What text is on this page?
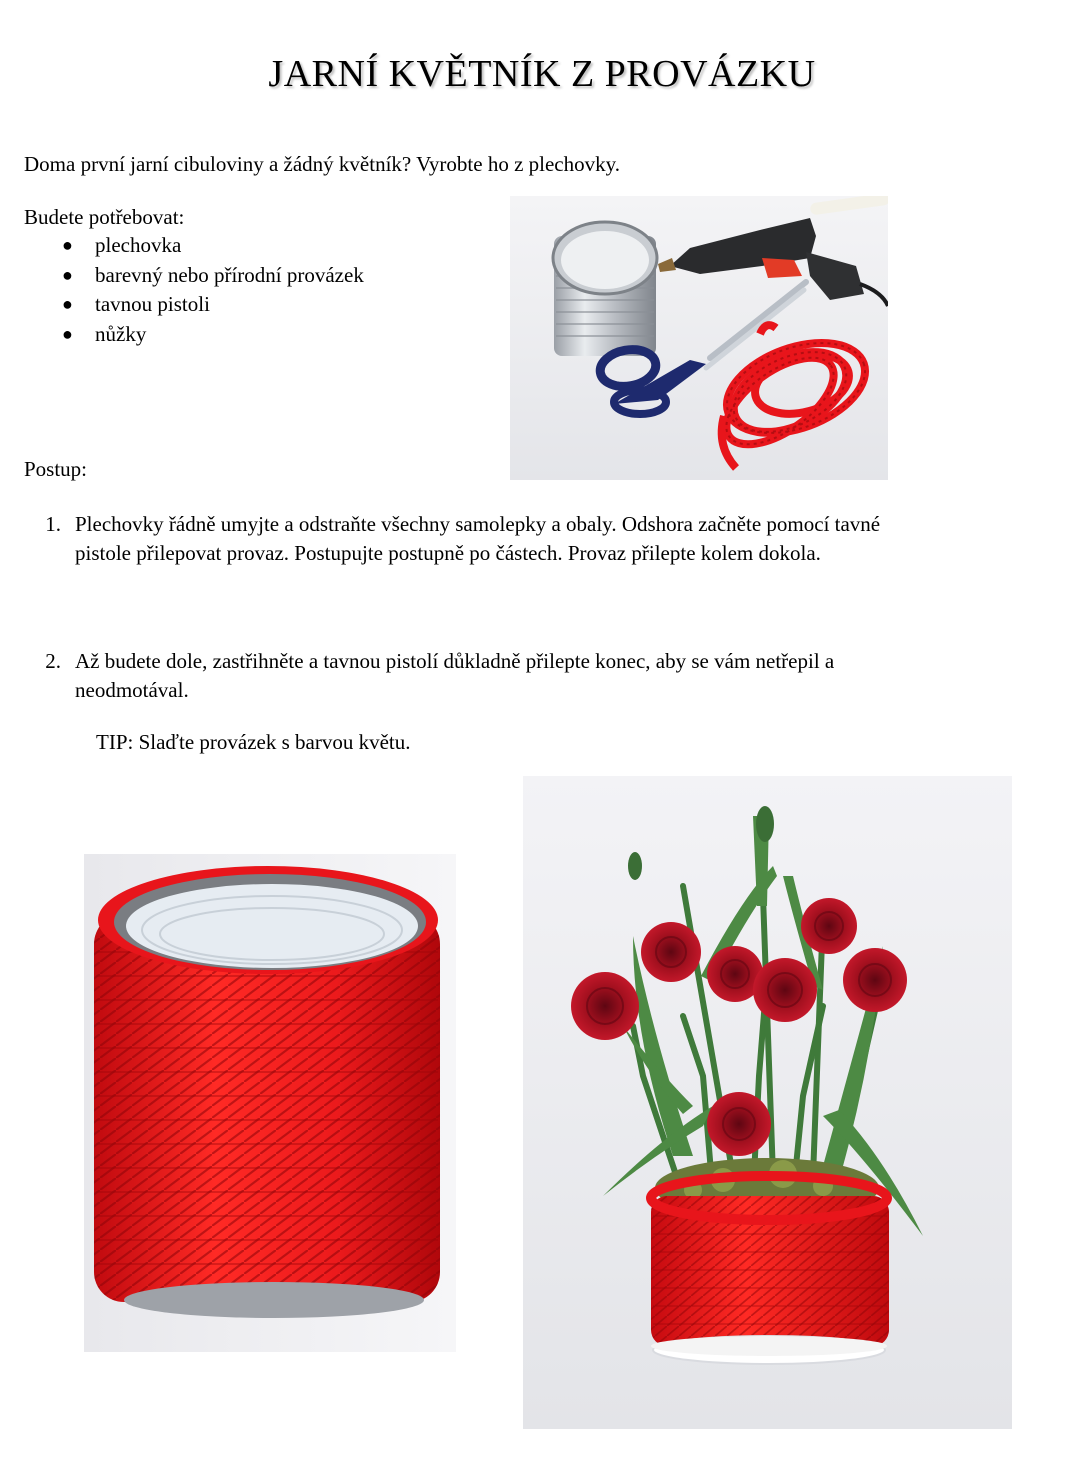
JARNÍ KVĚTNÍK Z PROVÁZKU
Doma první jarní cibuloviny a žádný květník? Vyrobte ho z plechovky.
Budete potřebovat:
●	plechovka
●	barevný nebo přírodní provázek
●	tavnou pistoli
●	nůžky
Postup:
1. Plechovky řádně umyjte a odstraňte všechny samolepky a obaly. Odshora začněte pomocí tavné
pistole přilepovat provaz. Postupujte postupně po částech. Provaz přilepte kolem dokola.
2. Až budete dole, zastřihněte a tavnou pistolí důkladně přilepte konec, aby se vám netřepil a
neodmotával.
TIP: Slaďte provázek s barvou květu.
